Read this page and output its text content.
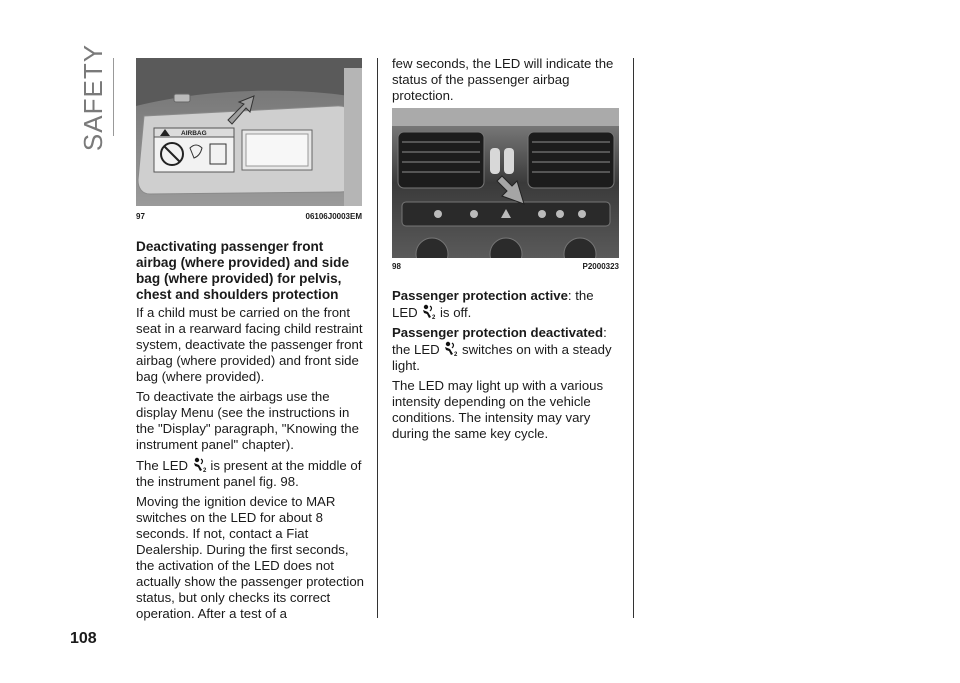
SAFETY	AIRBAG
97	06106J0003EM
Deactivating passenger front airbag (where provided) and side bag (where provided) for pelvis, chest and shoulders protection

If a child must be carried on the front seat in a rearward facing child restraint system, deactivate the passenger front airbag (where provided) and front side bag (where provided).

To deactivate the airbags use the display Menu (see the instructions in the "Display" paragraph, "Knowing the instrument panel" chapter).

The LED 2 is present at the middle of the instrument panel fig. 98.

Moving the ignition device to MAR switches on the LED for about 8 seconds. If not, contact a Fiat Dealership. During the first seconds, the activation of the LED does not actually show the passenger protection status, but only checks its correct operation. After a test of a

few seconds, the LED will indicate the status of the passenger airbag protection.

98	P2000323

Passenger protection active: the LED 2 is off.

Passenger protection deactivated: the LED 2 switches on with a steady light.

The LED may light up with a various intensity depending on the vehicle conditions. The intensity may vary during the same key cycle.

108
